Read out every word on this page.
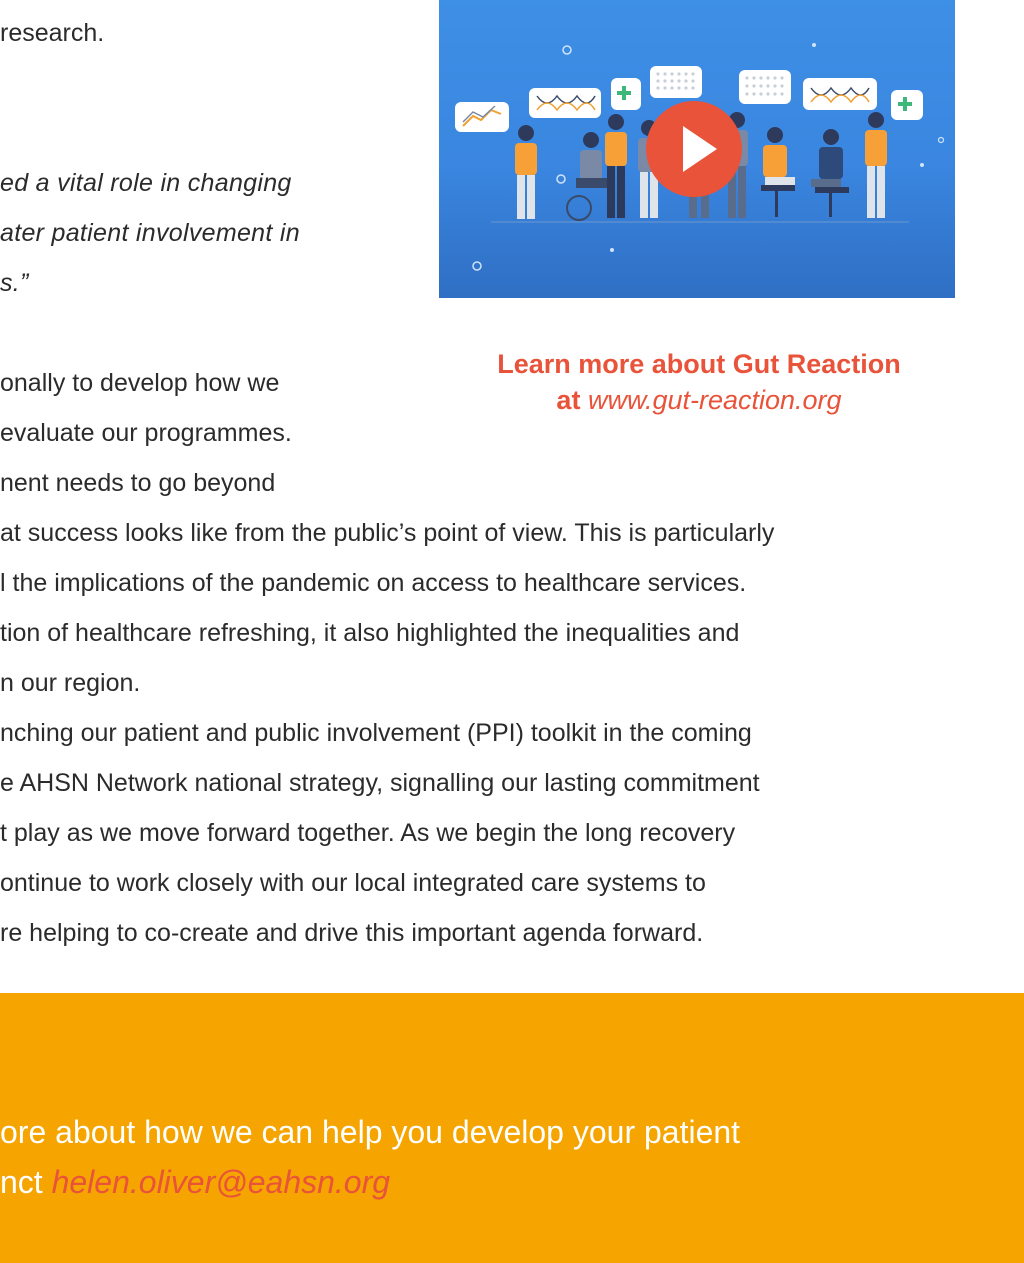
research.
ed a vital role in changing
ater patient involvement in
s.”
onally to develop how we
evaluate our programmes.
nent needs to go beyond
at success looks like from the public’s point of view. This is particularly
l the implications of the pandemic on access to healthcare services.
tion of healthcare refreshing, it also highlighted the inequalities and
n our region.
nching our patient and public involvement (PPI) toolkit in the coming
e AHSN Network national strategy, signalling our lasting commitment
t play as we move forward together. As we begin the long recovery
ontinue to work closely with our local integrated care systems to
re helping to co-create and drive this important agenda forward.
Learn more about Gut Reaction
at www.gut-reaction.org
ore about how we can help you develop your patient
nct helen.oliver@eahsn.org
